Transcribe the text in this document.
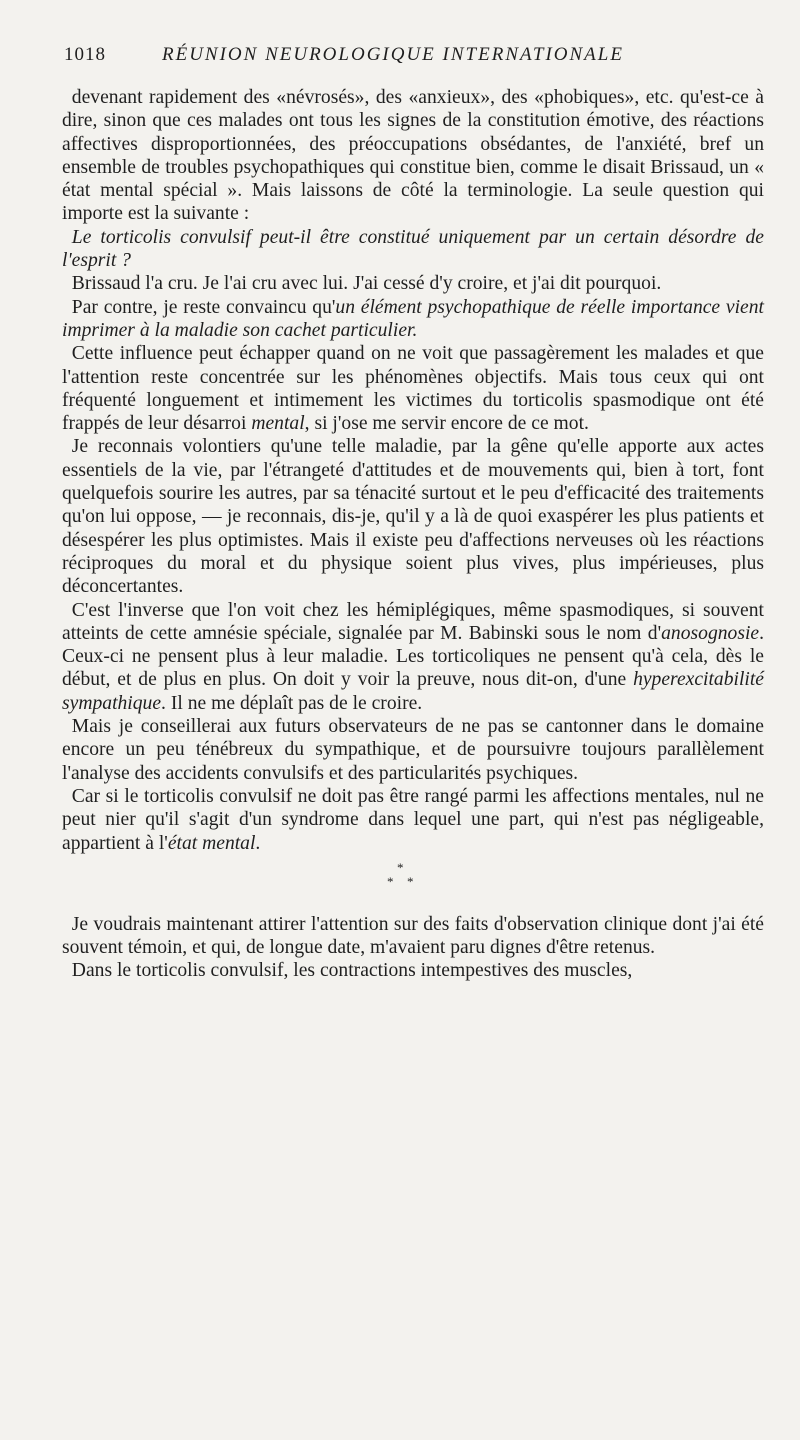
1018	RÉUNION NEUROLOGIQUE INTERNATIONALE

devenant rapidement des «névrosés», des «anxieux», des «phobiques», etc. qu'est-ce à dire, sinon que ces malades ont tous les signes de la constitution émotive, des réactions affectives disproportionnées, des préoccupations obsédantes, de l'anxiété, bref un ensemble de troubles psychopathiques qui constitue bien, comme le disait Brissaud, un « état mental spécial ». Mais laissons de côté la terminologie. La seule question qui importe est la suivante :

Le torticolis convulsif peut-il être constitué uniquement par un certain désordre de l'esprit ?

Brissaud l'a cru. Je l'ai cru avec lui. J'ai cessé d'y croire, et j'ai dit pourquoi.

Par contre, je reste convaincu qu'un élément psychopathique de réelle importance vient imprimer à la maladie son cachet particulier.

Cette influence peut échapper quand on ne voit que passagèrement les malades et que l'attention reste concentrée sur les phénomènes objectifs. Mais tous ceux qui ont fréquenté longuement et intimement les victimes du torticolis spasmodique ont été frappés de leur désarroi mental, si j'ose me servir encore de ce mot.

Je reconnais volontiers qu'une telle maladie, par la gêne qu'elle apporte aux actes essentiels de la vie, par l'étrangeté d'attitudes et de mouvements qui, bien à tort, font quelquefois sourire les autres, par sa ténacité surtout et le peu d'efficacité des traitements qu'on lui oppose, — je reconnais, dis-je, qu'il y a là de quoi exaspérer les plus patients et désespérer les plus optimistes. Mais il existe peu d'affections nerveuses où les réactions réciproques du moral et du physique soient plus vives, plus impérieuses, plus déconcertantes.

C'est l'inverse que l'on voit chez les hémiplégiques, même spasmodiques, si souvent atteints de cette amnésie spéciale, signalée par M. Babinski sous le nom d'anosognosie. Ceux-ci ne pensent plus à leur maladie. Les torticoliques ne pensent qu'à cela, dès le début, et de plus en plus. On doit y voir la preuve, nous dit-on, d'une hyperexcitabilité sympathique. Il ne me déplaît pas de le croire.

Mais je conseillerai aux futurs observateurs de ne pas se cantonner dans le domaine encore un peu ténébreux du sympathique, et de poursuivre toujours parallèlement l'analyse des accidents convulsifs et des particularités psychiques.

Car si le torticolis convulsif ne doit pas être rangé parmi les affections mentales, nul ne peut nier qu'il s'agit d'un syndrome dans lequel une part, qui n'est pas négligeable, appartient à l'état mental.

*
* *

Je voudrais maintenant attirer l'attention sur des faits d'observation clinique dont j'ai été souvent témoin, et qui, de longue date, m'avaient paru dignes d'être retenus.

Dans le torticolis convulsif, les contractions intempestives des muscles,
